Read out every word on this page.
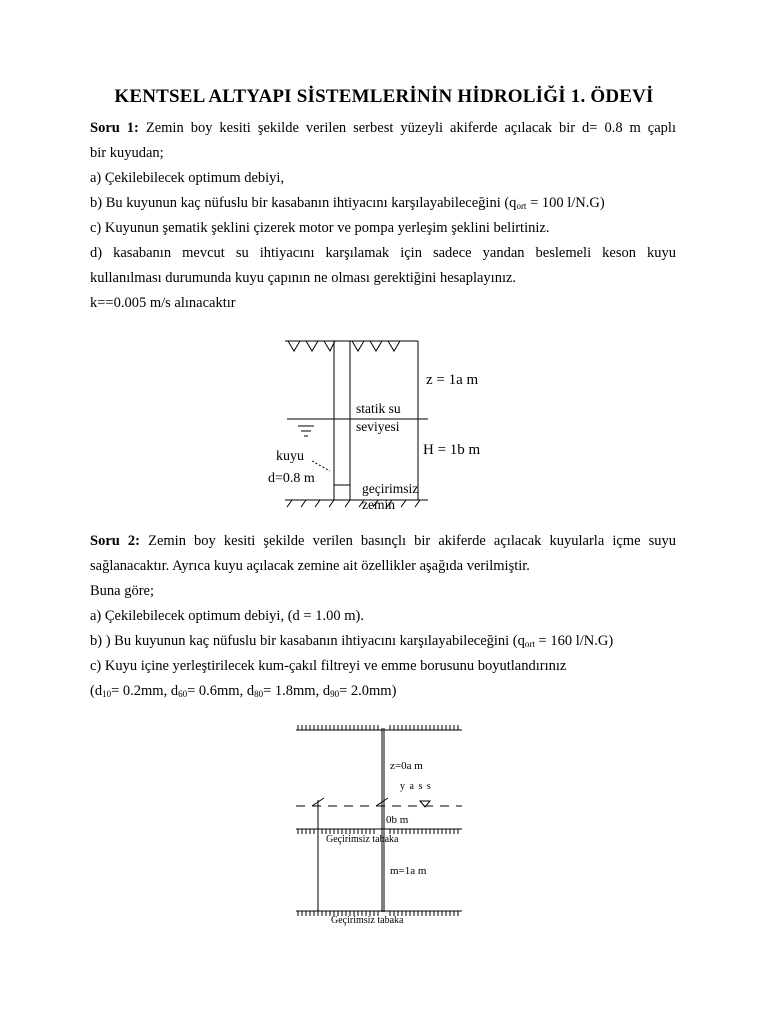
KENTSEL ALTYAPI SİSTEMLERİNİN HİDROLİĞİ 1. ÖDEVİ
Soru 1: Zemin boy kesiti şekilde verilen serbest yüzeyli akiferde açılacak bir d= 0.8 m çaplı
bir kuyudan;
a) Çekilebilecek optimum debiyi,
b) Bu kuyunun kaç nüfuslu bir kasabanın ihtiyacını karşılayabileceğini ($q_{ort} = 100$ l/N.G)
c) Kuyunun şematik şeklini çizerek motor ve pompa yerleşim şeklini belirtiniz.
d) kasabanın mevcut su ihtiyacını karşılamak için sadece yandan beslemeli keson kuyu
kullanılması durumunda kuyu çapının ne olması gerektiğini hesaplayınız.
k==0.005 m/s alınacaktır
z = 1a m
H = 1b m
statik su
seviyesi
kuyu
d=0.8 m
geçirimsiz
zemin
Soru 2: Zemin boy kesiti şekilde verilen basınçlı bir akiferde açılacak kuyularla içme suyu
sağlanacaktır. Ayrıca kuyu açılacak zemine ait özellikler aşağıda verilmiştir.
Buna göre;
a) Çekilebilecek optimum debiyi, (d = 1.00 m).
b) ) Bu kuyunun kaç nüfuslu bir kasabanın ihtiyacını karşılayabileceğini ($q_{ort} = 160$ l/N.G)
c) Kuyu içine yerleştirilecek kum-çakıl filtreyi ve emme borusunu boyutlandırınız
($d_{10}= 0.2mm$, $d_{60}= 0.6mm$, $d_{80}= 1.8mm$, $d_{90}= 2.0mm$)
z=0a m
y a s s
0b m
Geçirimsiz tabaka
m=1a m
Geçirimsiz tabaka
